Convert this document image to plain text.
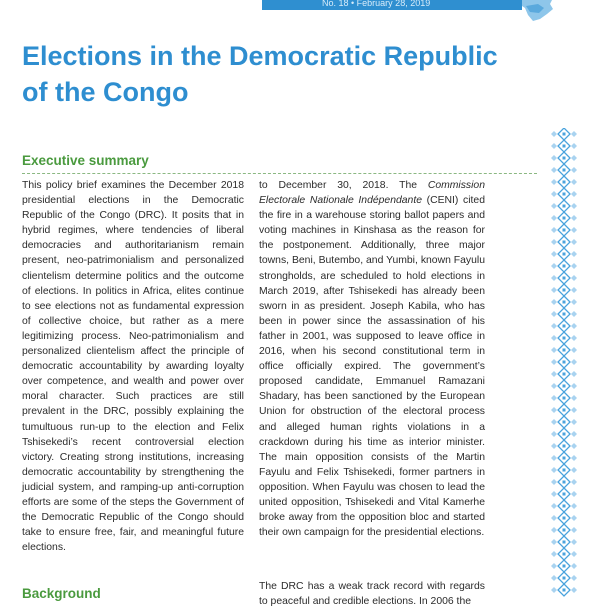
No. 18 • February 28, 2019
Elections in the Democratic Republic
of the Congo
Executive summary

This policy brief examines the December 2018 presidential elections in the Democratic Republic of the Congo (DRC). It posits that in hybrid regimes, where tendencies of liberal democracies and authoritarianism remain present, neo-patrimonialism and personalized clientelism determine politics and the outcome of elections. In politics in Africa, elites continue to see elections not as fundamental expression of collective choice, but rather as a mere legitimizing process. Neo-patrimonialism and personalized clientelism affect the principle of democratic accountability by awarding loyalty over competence, and wealth and power over moral character. Such practices are still prevalent in the DRC, possibly explaining the tumultuous run-up to the election and Felix Tshisekedi’s recent controversial election victory. Creating strong institutions, increasing democratic accountability by strengthening the judicial system, and ramping-up anti-corruption efforts are some of the steps the Government of the Democratic Republic of the Congo should take to ensure free, fair, and meaningful future elections.

to December 30, 2018. The Commission Electorale Nationale Indépendante (CENI) cited the fire in a warehouse storing ballot papers and voting machines in Kinshasa as the reason for the postponement. Additionally, three major towns, Beni, Butembo, and Yumbi, known Fayulu strongholds, are scheduled to hold elections in March 2019, after Tshisekedi has already been sworn in as president. Joseph Kabila, who has been in power since the assassination of his father in 2001, was supposed to leave office in 2016, when his second constitutional term in office officially expired. The government’s proposed candidate, Emmanuel Ramazani Shadary, has been sanctioned by the European Union for obstruction of the electoral process and alleged human rights violations in a crackdown during his time as interior minister. The main opposition consists of the Martin Fayulu and Felix Tshisekedi, former partners in opposition. When Fayulu was chosen to lead the united opposition, Tshisekedi and Vital Kamerhe broke away from the opposition bloc and started their own campaign for the presidential elections.

The DRC has a weak track record with regards to peaceful and credible elections. In 2006 the

Background
